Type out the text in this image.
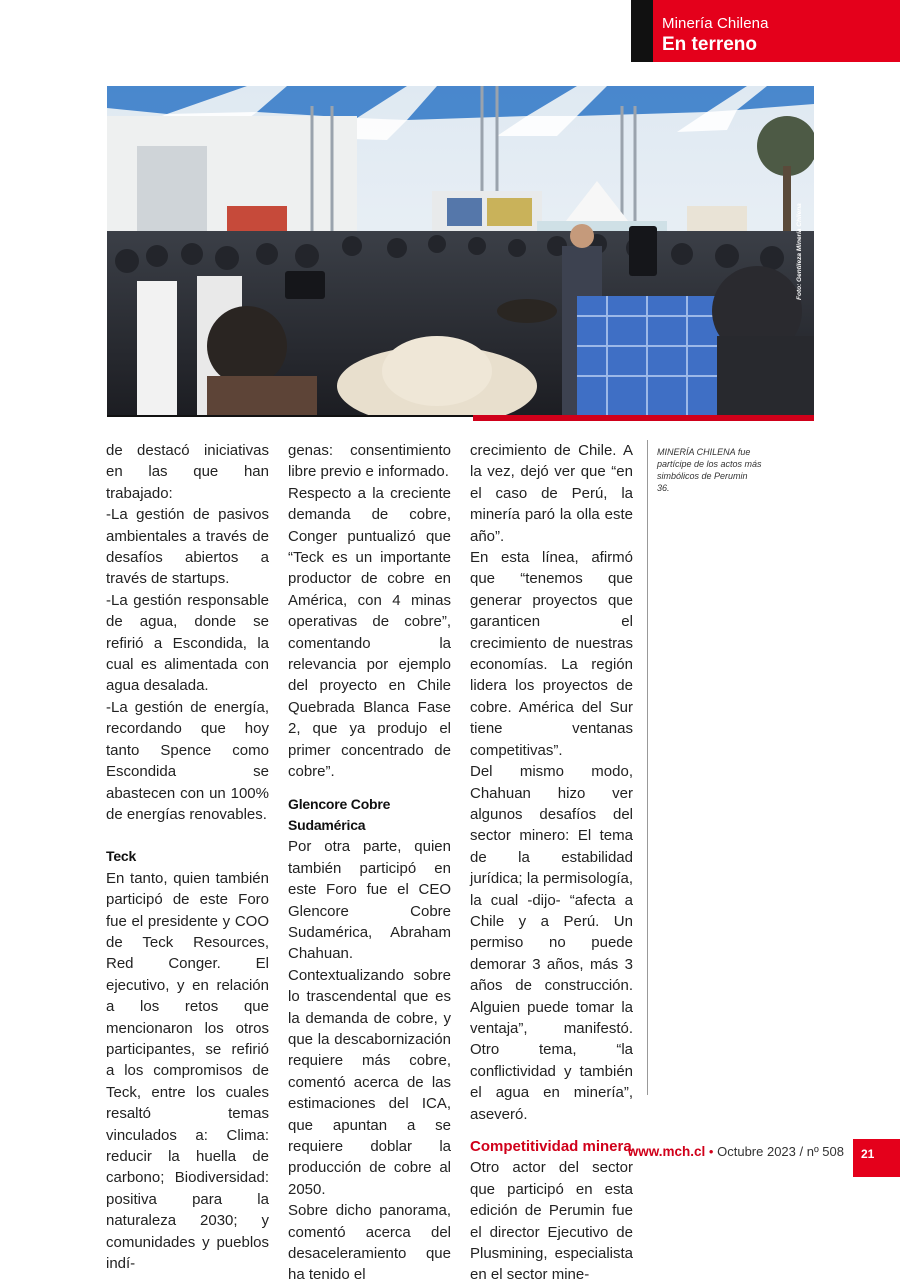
Minería Chilena
En terreno
Foto: Gentileza Minería Chilena

de destacó iniciativas en las que han trabajado:

-La gestión de pasivos ambientales a través de desafíos abiertos a través de startups.

-La gestión responsable de agua, donde se refirió a Escondida, la cual es alimentada con agua desalada.

-La gestión de energía, recordando que hoy tanto Spence como Escondida se abastecen con un 100% de energías renovables.

Teck

En tanto, quien también participó de este Foro fue el presidente y COO de Teck Resources, Red Conger. El ejecutivo, y en relación a los retos que mencionaron los otros participantes, se refirió a los compromisos de Teck, entre los cuales resaltó temas vinculados a: Clima: reducir la huella de carbono; Biodiversidad: positiva para la naturaleza 2030; y comunidades y pueblos indí-

genas: consentimiento libre previo e informado.

Respecto a la creciente demanda de cobre, Conger puntualizó que “Teck es un importante productor de cobre en América, con 4 minas operativas de cobre”, comentando la relevancia por ejemplo del proyecto en Chile Quebrada Blanca Fase 2, que ya produjo el primer concentrado de cobre”.

Glencore Cobre Sudamérica

Por otra parte, quien también participó en este Foro fue el CEO Glencore Cobre Sudamérica, Abraham Chahuan. Contextualizando sobre lo trascendental que es la demanda de cobre, y que la descabornización requiere más cobre, comentó acerca de las estimaciones del ICA, que apuntan a se requiere doblar la producción de cobre al 2050.

Sobre dicho panorama, comentó acerca del desaceleramiento que ha tenido el

crecimiento de Chile. A la vez, dejó ver que “en el caso de Perú, la minería paró la olla este año”.

En esta línea, afirmó que “tenemos que generar proyectos que garanticen el crecimiento de nuestras economías. La región lidera los proyectos de cobre. América del Sur tiene ventanas competitivas”.

Del mismo modo, Chahuan hizo ver algunos desafíos del sector minero: El tema de la estabilidad jurídica; la permisología, la cual -dijo- “afecta a Chile y a Perú. Un permiso no puede demorar 3 años, más 3 años de construcción. Alguien puede tomar la ventaja”, manifestó. Otro tema, “la conflictividad y también el agua en minería”, aseveró.

Competitividad minera

Otro actor del sector que participó en esta edición de Perumin fue el director Ejecutivo de Plusmining, especialista en el sector mine-

MINERÍA CHILENA fue partícipe de los actos más simbólicos de Perumin 36.
www.mch.cl • Octubre 2023 / nº 508 21
